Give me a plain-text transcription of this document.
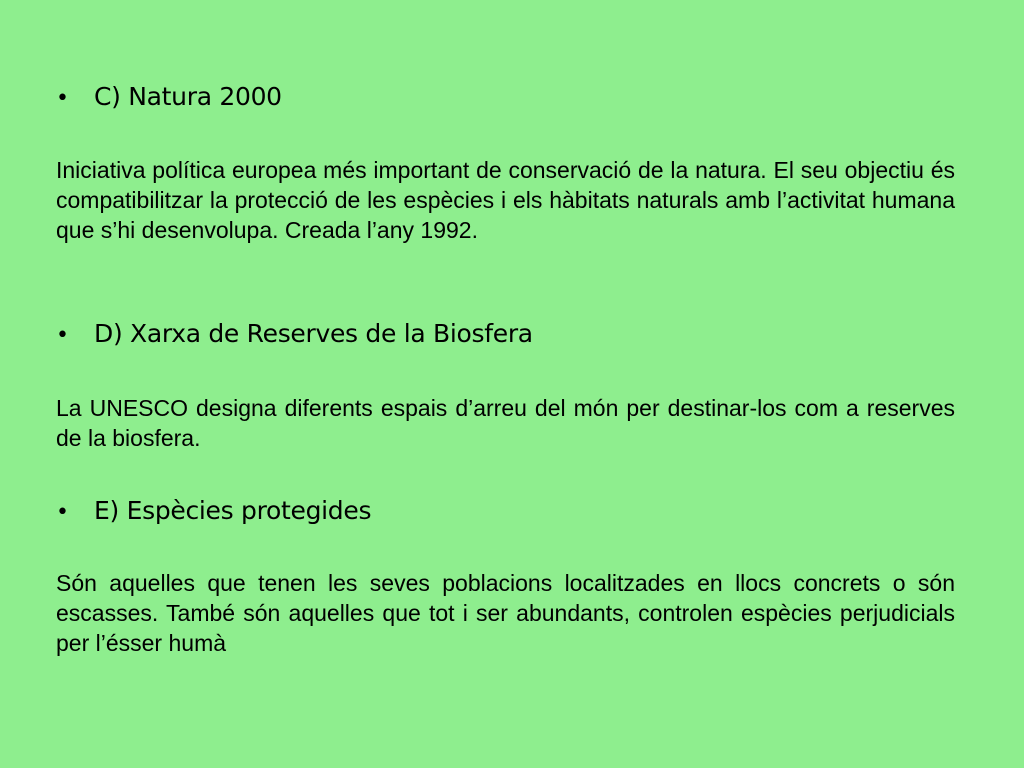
• C) Natura 2000

Iniciativa política europea més important de conservació de la natura. El seu objectiu és compatibilitzar la protecció de les espècies i els hàbitats naturals amb l’activitat humana que s’hi desenvolupa. Creada l’any 1992.

• D) Xarxa de Reserves de la Biosfera

La UNESCO designa diferents espais d’arreu del món per destinar-los com a reserves de la biosfera.

• E) Espècies protegides

Són aquelles que tenen les seves poblacions localitzades en llocs concrets o són escasses. També són aquelles que tot i ser abundants, controlen espècies perjudicials per l’ésser humà
